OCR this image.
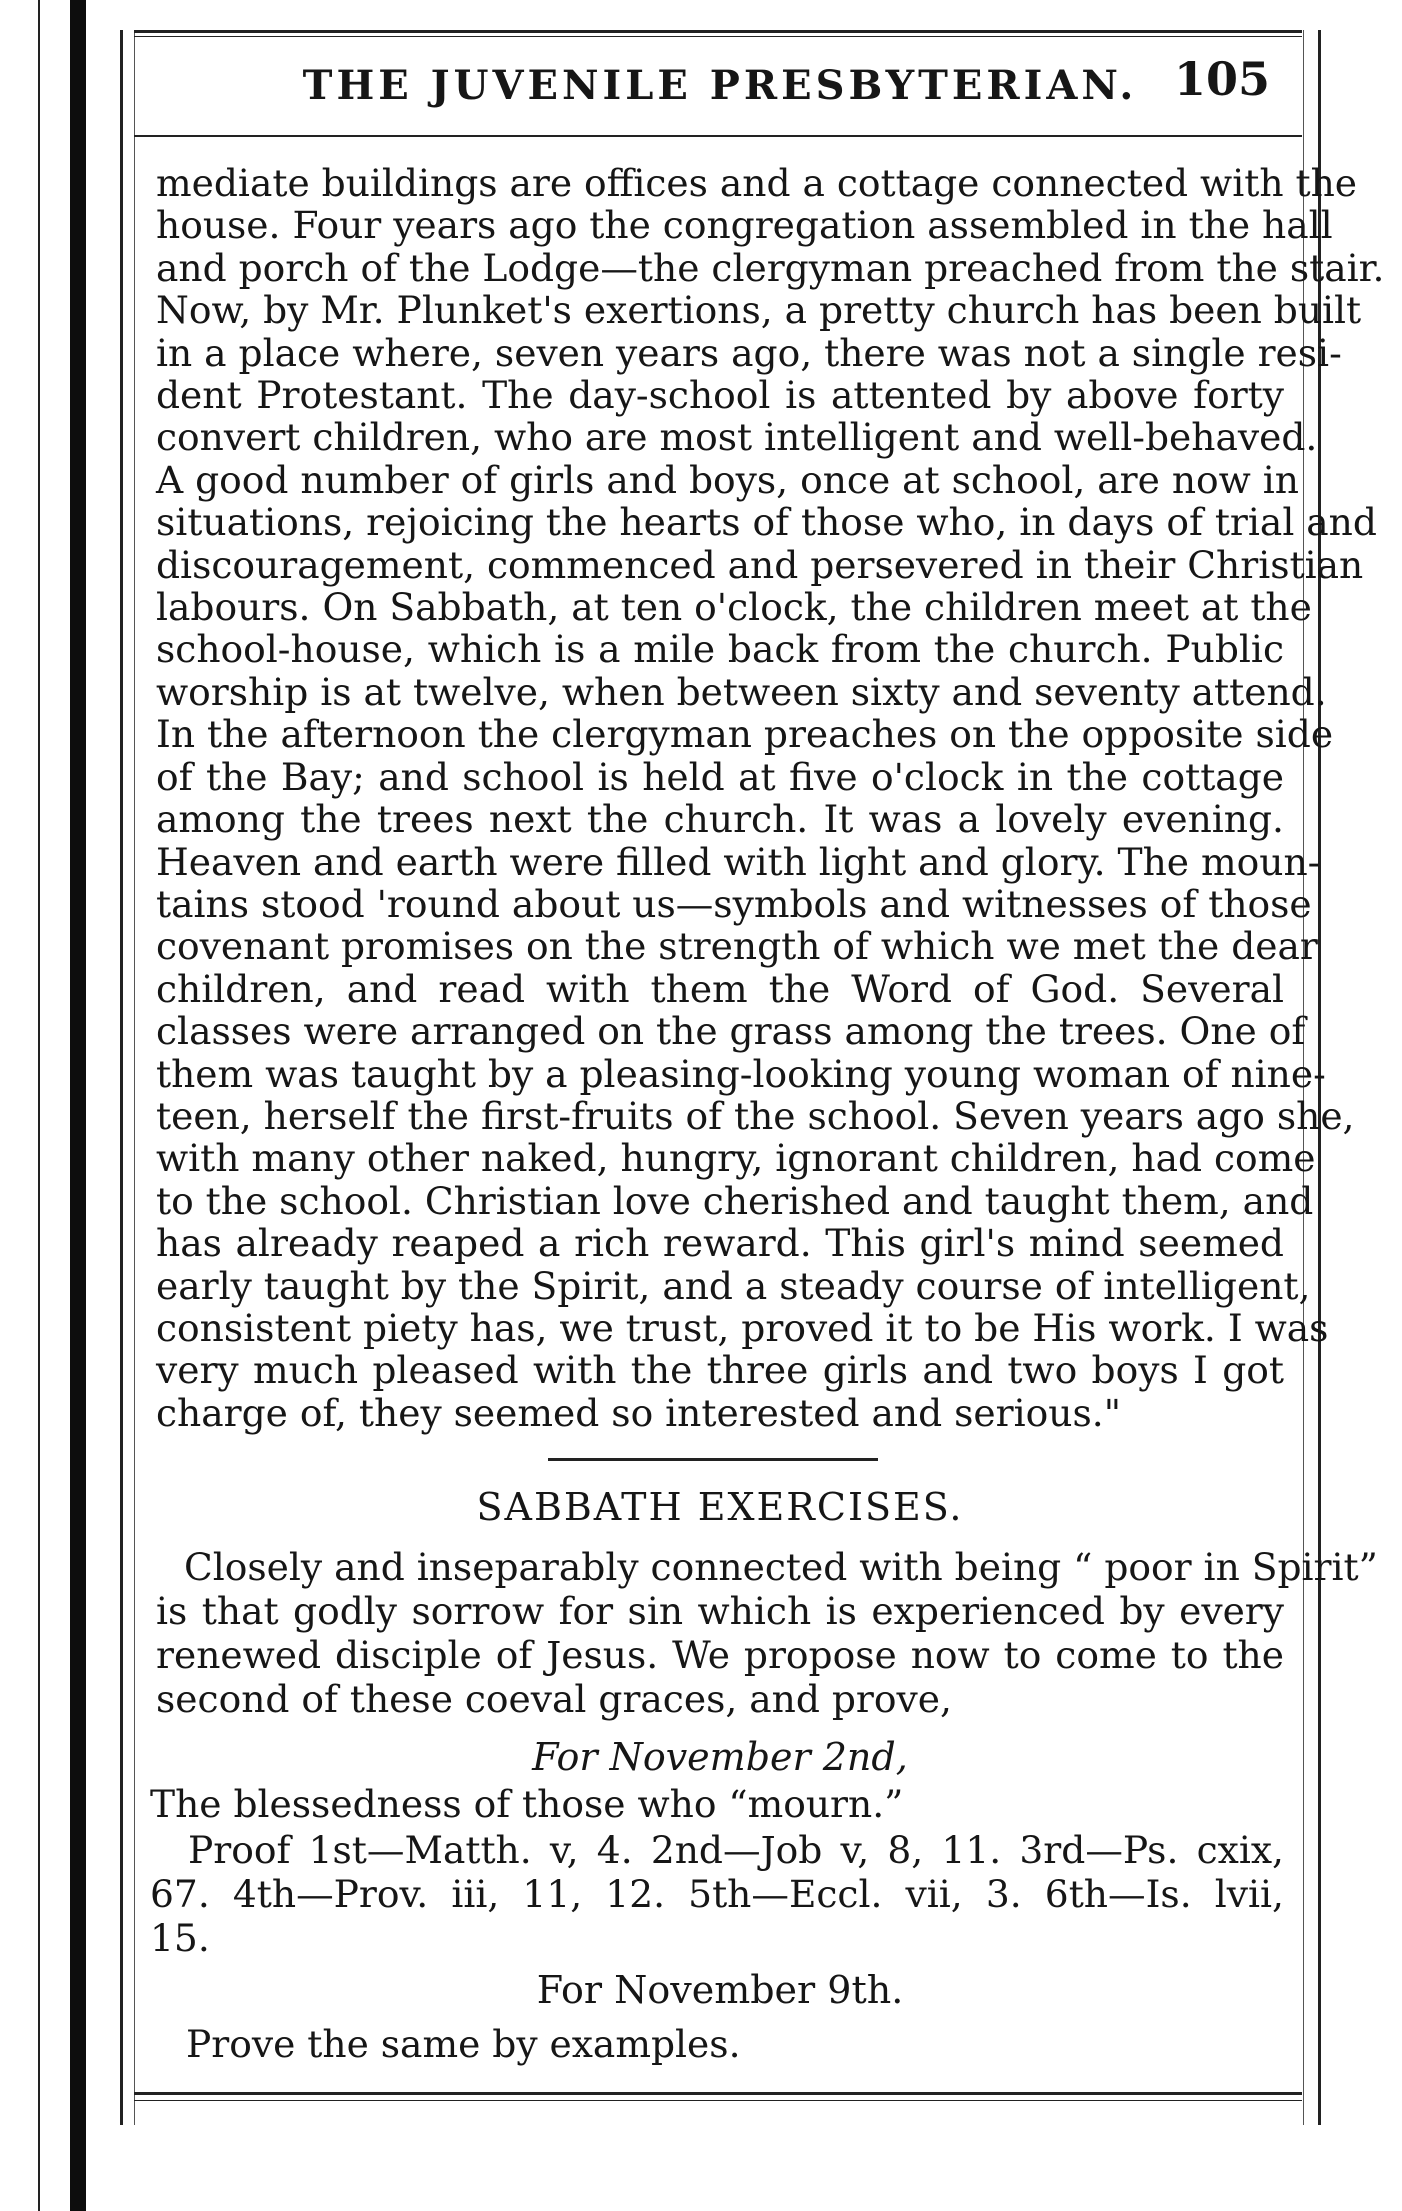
THE JUVENILE PRESBYTERIAN. 105
mediate buildings are offices and a cottage connected with the
house. Four years ago the congregation assembled in the hall
and porch of the Lodge—the clergyman preached from the stair.
Now, by Mr. Plunket's exertions, a pretty church has been built
in a place where, seven years ago, there was not a single resi-
dent Protestant. The day-school is attented by above forty
convert children, who are most intelligent and well-behaved.
A good number of girls and boys, once at school, are now in
situations, rejoicing the hearts of those who, in days of trial and
discouragement, commenced and persevered in their Christian
labours. On Sabbath, at ten o'clock, the children meet at the
school-house, which is a mile back from the church. Public
worship is at twelve, when between sixty and seventy attend.
In the afternoon the clergyman preaches on the opposite side
of the Bay; and school is held at five o'clock in the cottage
among the trees next the church. It was a lovely evening.
Heaven and earth were filled with light and glory. The moun-
tains stood 'round about us—symbols and witnesses of those
covenant promises on the strength of which we met the dear
children, and read with them the Word of God. Several
classes were arranged on the grass among the trees. One of
them was taught by a pleasing-looking young woman of nine-
teen, herself the first-fruits of the school. Seven years ago she,
with many other naked, hungry, ignorant children, had come
to the school. Christian love cherished and taught them, and
has already reaped a rich reward. This girl's mind seemed
early taught by the Spirit, and a steady course of intelligent,
consistent piety has, we trust, proved it to be His work. I was
very much pleased with the three girls and two boys I got
charge of, they seemed so interested and serious."
SABBATH EXERCISES.
Closely and inseparably connected with being “ poor in Spirit”
is that godly sorrow for sin which is experienced by every
renewed disciple of Jesus. We propose now to come to the
second of these coeval graces, and prove,
For November 2nd,
The blessedness of those who “mourn.”
Proof 1st—Matth. v, 4. 2nd—Job v, 8, 11. 3rd—Ps. cxix,
67. 4th—Prov. iii, 11, 12. 5th—Eccl. vii, 3. 6th—Is. lvii,
15.
For November 9th.
Prove the same by examples.
